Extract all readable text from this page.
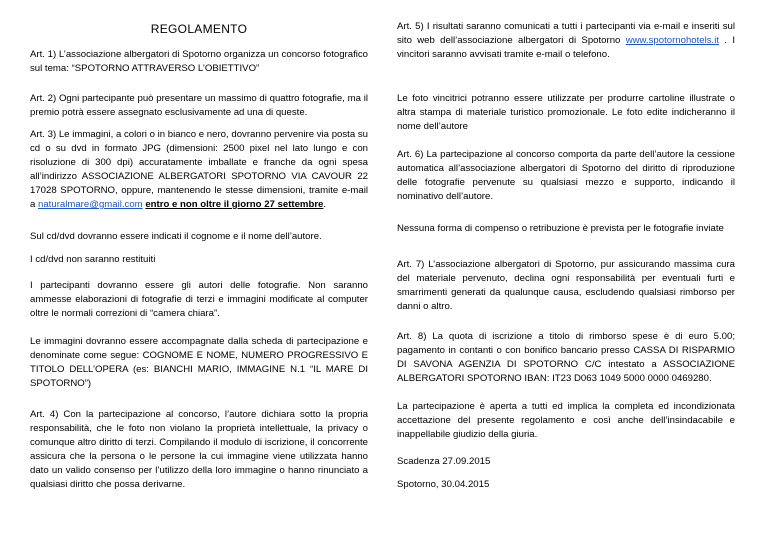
REGOLAMENTO

Art. 1) L’associazione albergatori di Spotorno organizza un concorso fotografico sul tema: “SPOTORNO ATTRAVERSO L’OBIETTIVO”

Art. 2) Ogni partecipante può presentare un massimo di quattro fotografie, ma il premio potrà essere assegnato esclusivamente ad una di queste.

Art. 3) Le immagini, a colori o in bianco e nero, dovranno pervenire via posta su cd o su dvd in formato JPG (dimensioni: 2500 pixel nel lato lungo e con risoluzione di 300 dpi) accuratamente imballate e franche da ogni spesa all’indirizzo ASSOCIAZIONE ALBERGATORI SPOTORNO VIA CAVOUR 22 17028 SPOTORNO, oppure, mantenendo le stesse dimensioni, tramite e-mail a naturalmare@gmail.com entro e non oltre il giorno 27 settembre.

Sul cd/dvd dovranno essere indicati il cognome e il nome dell’autore.

I cd/dvd non saranno restituiti

I partecipanti dovranno essere gli autori delle fotografie. Non saranno ammesse elaborazioni di fotografie di terzi e immagini modificate al computer oltre le normali correzioni di “camera chiara”.

Le immagini dovranno essere accompagnate dalla scheda di partecipazione e denominate come segue: COGNOME E NOME, NUMERO PROGRESSIVO E TITOLO DELL’OPERA (es: BIANCHI MARIO, IMMAGINE N.1 “IL MARE DI SPOTORNO”)

Art. 4) Con la partecipazione al concorso, l’autore dichiara sotto la propria responsabilità, che le foto non violano la proprietà intellettuale, la privacy o comunque altro diritto di terzi. Compilando il modulo di iscrizione, il concorrente assicura che la persona o le persone la cui immagine viene utilizzata hanno dato un valido consenso per l’utilizzo della loro immagine o hanno rinunciato a qualsiasi diritto che possa derivarne.

Art. 5) I risultati saranno comunicati a tutti i partecipanti via e-mail e inseriti sul sito web dell’associazione albergatori di Spotorno www.spotornohotels.it . I vincitori saranno avvisati tramite e-mail o telefono.

Le foto vincitrici potranno essere utilizzate per produrre cartoline illustrate o altra stampa di materiale turistico promozionale. Le foto edite indicheranno il nome dell’autore

Art. 6) La partecipazione al concorso comporta da parte dell’autore la cessione automatica all’associazione albergatori di Spotorno del diritto di riproduzione delle fotografie pervenute su qualsiasi mezzo e supporto, indicando il nominativo dell’autore.

Nessuna forma di compenso o retribuzione è prevista per le fotografie inviate

Art. 7) L’associazione albergatori di Spotorno, pur assicurando massima cura del materiale pervenuto, declina ogni responsabilità per eventuali furti e smarrimenti generati da qualunque causa, escludendo qualsiasi rimborso per danni o altro.

Art. 8) La quota di iscrizione a titolo di rimborso spese è di euro 5.00; pagamento in contanti o con bonifico bancario presso CASSA DI RISPARMIO DI SAVONA AGENZIA DI SPOTORNO C/C intestato a ASSOCIAZIONE ALBERGATORI SPOTORNO IBAN: IT23 D063 1049 5000 0000 0469280.

La partecipazione è aperta a tutti ed implica la completa ed incondizionata accettazione del presente regolamento e così anche dell’insindacabile e inappellabile giudizio della giuria.

Scadenza 27.09.2015

Spotorno, 30.04.2015
